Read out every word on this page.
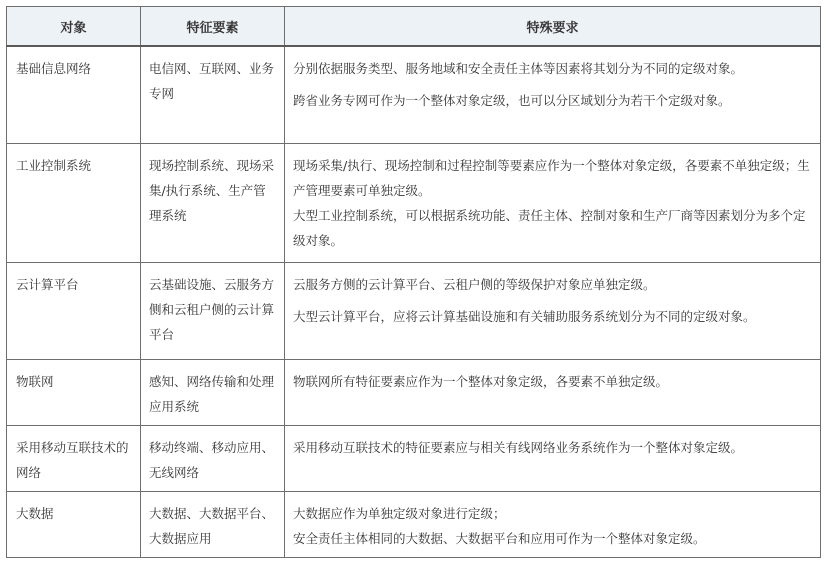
对象	特征要素	特殊要求
基础信息网络	电信网、互联网、业务专网	分别依据服务类型、服务地域和安全责任主体等因素将其划分为不同的定级对象。

跨省业务专网可作为一个整体对象定级，也可以分区域划分为若干个定级对象。

工业控制系统	现场控制系统、现场采集/执行系统、生产管理系统	现场采集/执行、现场控制和过程控制等要素应作为一个整体对象定级，各要素不单独定级；生产管理要素可单独定级。

大型工业控制系统，可以根据系统功能、责任主体、控制对象和生产厂商等因素划分为多个定级对象。

云计算平台	云基础设施、云服务方侧和云租户侧的云计算平台	云服务方侧的云计算平台、云租户侧的等级保护对象应单独定级。

大型云计算平台，应将云计算基础设施和有关辅助服务系统划分为不同的定级对象。

物联网	感知、网络传输和处理应用系统	物联网所有特征要素应作为一个整体对象定级，各要素不单独定级。

采用移动互联技术的网络	移动终端、移动应用、无线网络	采用移动互联技术的特征要素应与相关有线网络业务系统作为一个整体对象定级。

大数据	大数据、大数据平台、大数据应用	大数据应作为单独定级对象进行定级；

安全责任主体相同的大数据、大数据平台和应用可作为一个整体对象定级。
